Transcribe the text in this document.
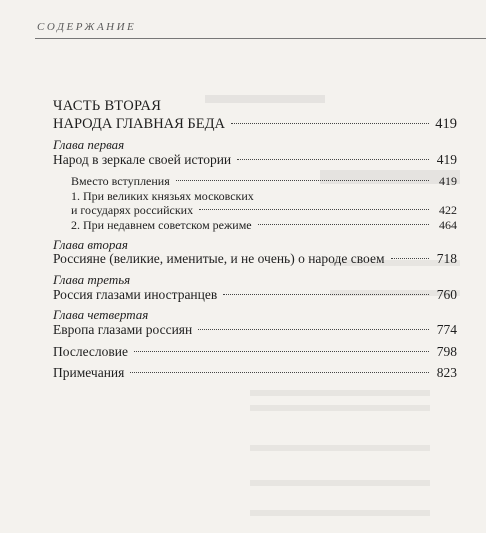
СОДЕРЖАНИЕ
ЧАСТЬ ВТОРАЯ
НАРОДА ГЛАВНАЯ БЕДА	419
Глава первая
Народ в зеркале своей истории	419
Вместо вступления	419
1. При великих князьях московских
и государях российских	422
2. При недавнем советском режиме	464
Глава вторая
Россияне (великие, именитые, и не очень) о народе своем	718
Глава третья
Россия глазами иностранцев	760
Глава четвертая
Европа глазами россиян	774
Послесловие	798
Примечания	823
